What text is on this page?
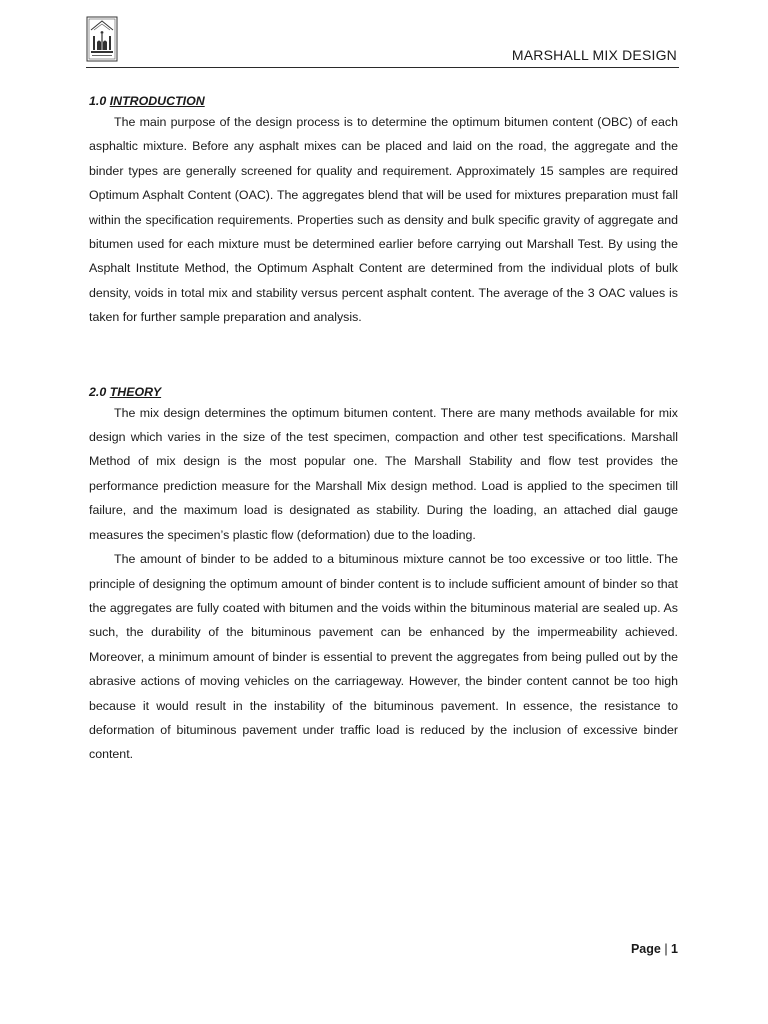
MARSHALL MIX DESIGN
1.0 INTRODUCTION

The main purpose of the design process is to determine the optimum bitumen content (OBC) of each asphaltic mixture. Before any asphalt mixes can be placed and laid on the road, the aggregate and the binder types are generally screened for quality and requirement. Approximately 15 samples are required Optimum Asphalt Content (OAC). The aggregates blend that will be used for mixtures preparation must fall within the specification requirements. Properties such as density and bulk specific gravity of aggregate and bitumen used for each mixture must be determined earlier before carrying out Marshall Test. By using the Asphalt Institute Method, the Optimum Asphalt Content are determined from the individual plots of bulk density, voids in total mix and stability versus percent asphalt content. The average of the 3 OAC values is taken for further sample preparation and analysis.

2.0 THEORY

The mix design determines the optimum bitumen content. There are many methods available for mix design which varies in the size of the test specimen, compaction and other test specifications. Marshall Method of mix design is the most popular one. The Marshall Stability and flow test provides the performance prediction measure for the Marshall Mix design method. Load is applied to the specimen till failure, and the maximum load is designated as stability. During the loading, an attached dial gauge measures the specimen’s plastic flow (deformation) due to the loading.

The amount of binder to be added to a bituminous mixture cannot be too excessive or too little. The principle of designing the optimum amount of binder content is to include sufficient amount of binder so that the aggregates are fully coated with bitumen and the voids within the bituminous material are sealed up. As such, the durability of the bituminous pavement can be enhanced by the impermeability achieved. Moreover, a minimum amount of binder is essential to prevent the aggregates from being pulled out by the abrasive actions of moving vehicles on the carriageway. However, the binder content cannot be too high because it would result in the instability of the bituminous pavement. In essence, the resistance to deformation of bituminous pavement under traffic load is reduced by the inclusion of excessive binder content.

Page | 1
